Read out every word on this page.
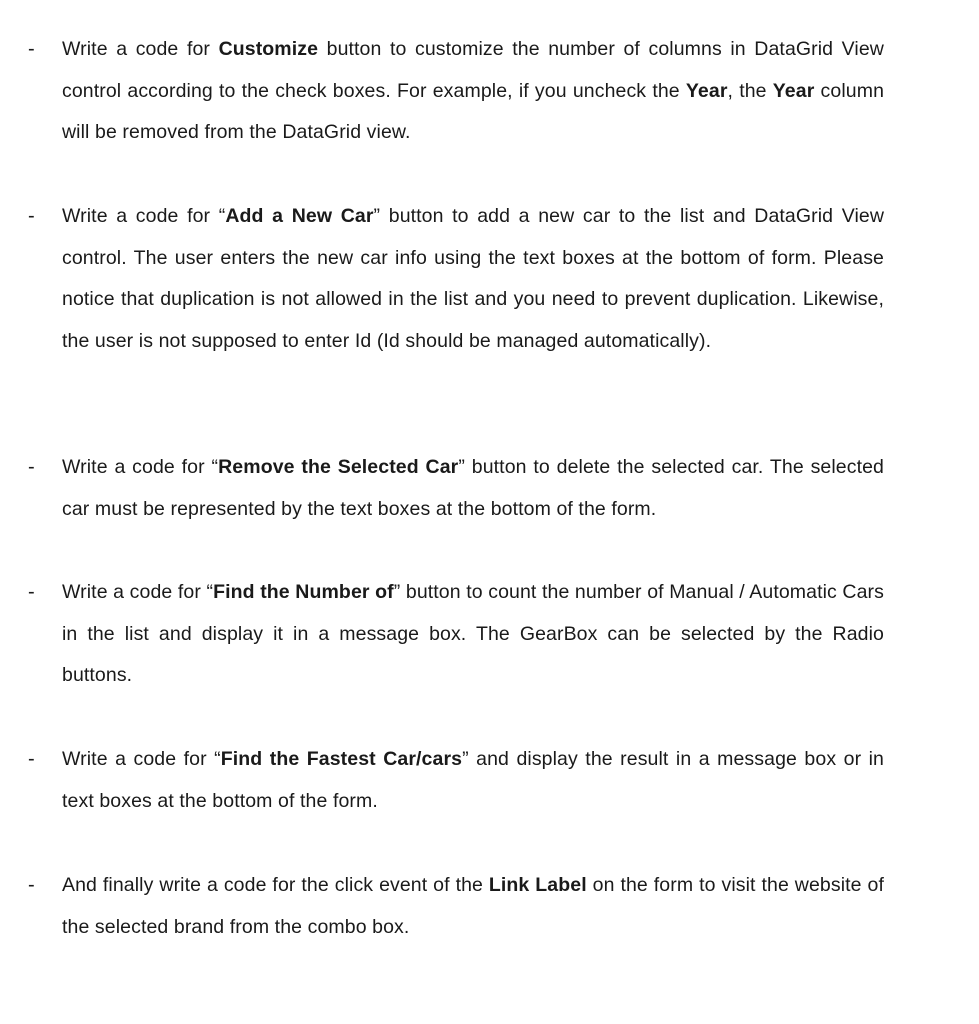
- Write a code for Customize button to customize the number of columns in DataGrid View control according to the check boxes. For example, if you uncheck the Year, the Year column will be removed from the DataGrid view.

- Write a code for “Add a New Car” button to add a new car to the list and DataGrid View control. The user enters the new car info using the text boxes at the bottom of form. Please notice that duplication is not allowed in the list and you need to prevent duplication. Likewise, the user is not supposed to enter Id (Id should be managed automatically).

- Write a code for “Remove the Selected Car” button to delete the selected car. The selected car must be represented by the text boxes at the bottom of the form.

- Write a code for “Find the Number of” button to count the number of Manual / Automatic Cars in the list and display it in a message box. The GearBox can be selected by the Radio buttons.

- Write a code for “Find the Fastest Car/cars” and display the result in a message box or in text boxes at the bottom of the form.

- And finally write a code for the click event of the Link Label on the form to visit the website of the selected brand from the combo box.
